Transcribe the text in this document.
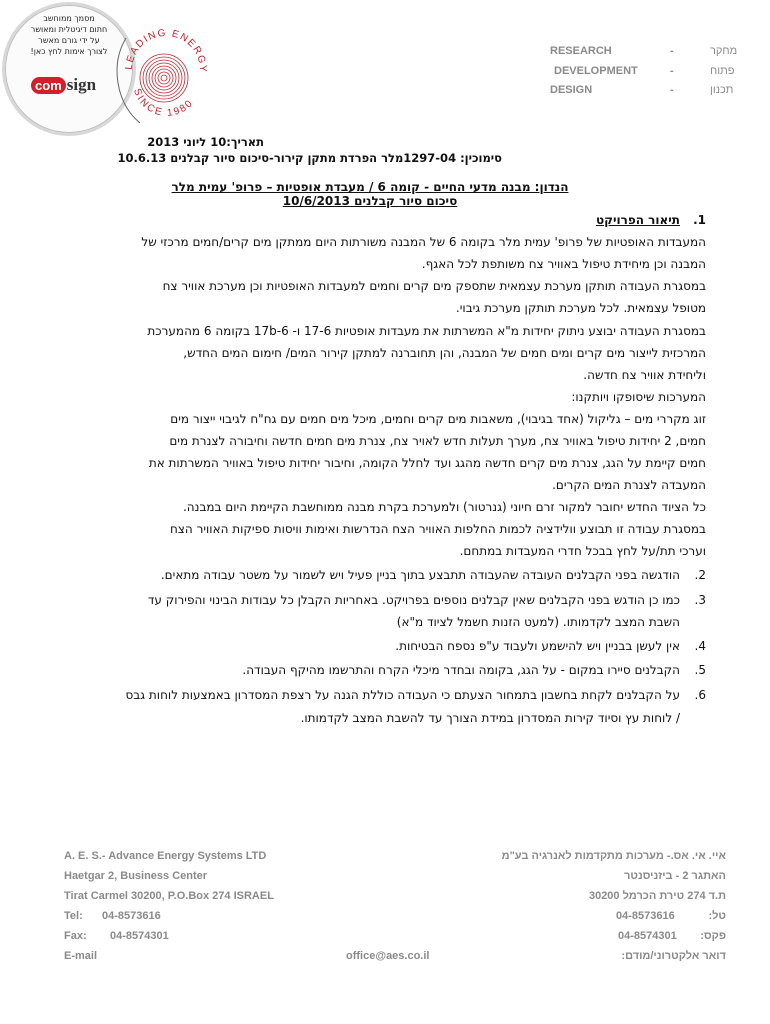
מסמך ממוחשב
חתום דיגיטלית ומאושר
על ידי גורם מאשר
לצורך אימות לחץ כאן!
com sign
LEADING ENERGY
SINCE 1980
RESEARCH	-	מחקר
DEVELOPMENT	-	פתוח
DESIGN	-	תכנון
תאריך:10 ליוני 2013
סימוכין: 1297-04מלר הפרדת מתקן קירור-סיכום סיור קבלנים 10.6.13
הנדון: מבנה מדעי החיים - קומה 6 / מעבדת אופטיות – פרופ' עמית מלר
סיכום סיור קבלנים 10/6/2013
1.תיאור הפרויקט
המעבדות האופטיות של פרופ' עמית מלר בקומה 6 של המבנה משורתות היום ממתקן מים קרים/חמים מרכזי של
המבנה וכן מיחידת טיפול באוויר צח משותפת לכל האגף.
במסגרת העבודה תותקן מערכת עצמאית שתספק מים קרים וחמים למעבדות האופטיות וכן מערכת אוויר צח
מטופל עצמאית. לכל מערכת תותקן מערכת גיבוי.
במסגרת העבודה יבוצע ניתוק יחידות מ"א המשרתות את מעבדות אופטיות 17-6 ו- 17b-6 בקומה 6 מהמערכת
המרכזית לייצור מים קרים ומים חמים של המבנה, והן תחוברנה למתקן קירור המים/ חימום המים החדש,
וליחידת אוויר צח חדשה.
המערכות שיסופקו ויותקנו:
זוג מקררי מים – גליקול (אחד בגיבוי), משאבות מים קרים וחמים, מיכל מים חמים עם גח"ח לגיבוי ייצור מים
חמים, 2 יחידות טיפול באוויר צח, מערך תעלות חדש לאויר צח, צנרת מים חמים חדשה וחיבורה לצנרת מים
חמים קיימת על הגג, צנרת מים קרים חדשה מהגג ועד לחלל הקומה, וחיבור יחידות טיפול באוויר המשרתות את
המעבדה לצנרת המים הקרים.
כל הציוד החדש יחובר למקור זרם חיוני (גנרטור) ולמערכת בקרת מבנה ממוחשבת הקיימת היום במבנה.
במסגרת עבודה זו תבוצע וולידציה לכמות החלפות האוויר הצח הנדרשות ואימות וויסות ספיקות האוויר הצח
וערכי תת/על לחץ בבכל חדרי המעבדות במתחם.
2.הודגשה בפני הקבלנים העובדה שהעבודה תתבצע בתוך בניין פעיל ויש לשמור על משטר עבודה מתאים.
3.כמו כן הודגש בפני הקבלנים שאין קבלנים נוספים בפרויקט. באחריות הקבלן כל עבודות הבינוי והפירוק עד
השבת המצב לקדמותו. (למעט הזנות חשמל לציוד מ"א)
4.אין לעשן בבניין ויש להישמע ולעבוד ע"פ נספח הבטיחות.
5.הקבלנים סיירו במקום - על הגג, בקומה ובחדר מיכלי הקרח והתרשמו מהיקף העבודה.
6.על הקבלנים לקחת בחשבון בתמחור הצעתם כי העבודה כוללת הגנה על רצפת המסדרון באמצעות לוחות גבס
/ לוחות עץ וסיוד קירות המסדרון במידת הצורך עד להשבת המצב לקדמותו.
A. E. S.- Advance Energy Systems LTD
Haetgar 2, Business Center
Tirat Carmel 30200, P.O.Box 274 ISRAEL
Tel: 04-8573616
Fax: 04-8574301
E-mail	office@aes.co.il
איי. אי. אס.- מערכות מתקדמות לאנרגיה בע"מ
האתגר 2 - ביזניסנטר
ת.ד 274 טירת הכרמל 30200
טל:
04-8573616
פקס:
04-8574301
דואר אלקטרוני/מודם:
